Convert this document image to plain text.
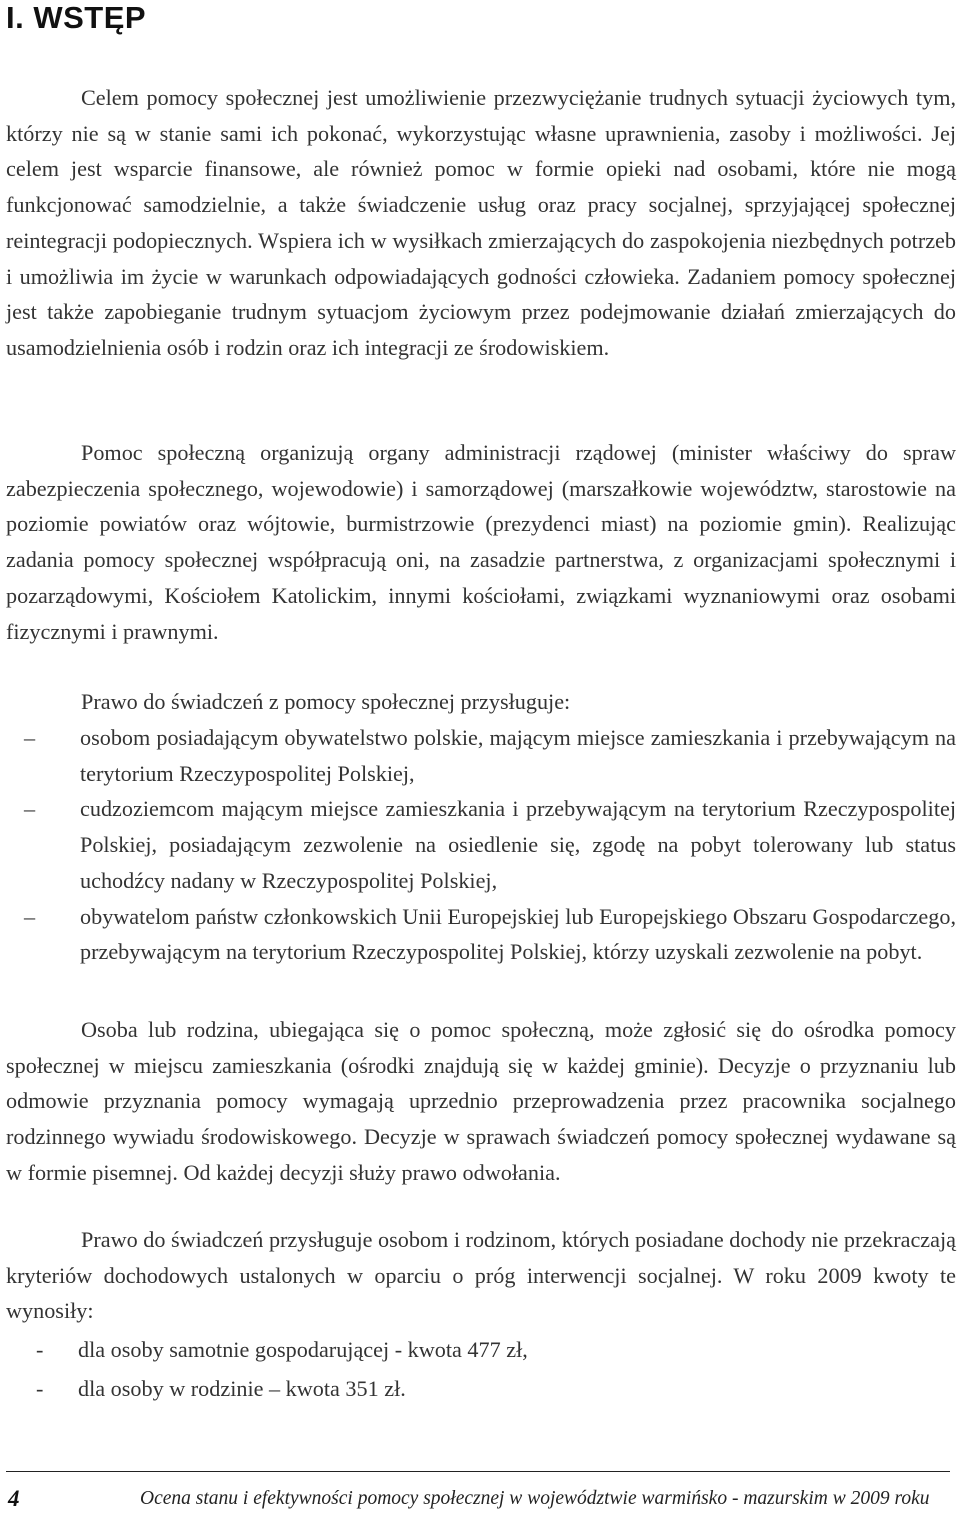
I. WSTĘP
Celem pomocy społecznej jest umożliwienie przezwyciężanie trudnych sytuacji życiowych tym, którzy nie są w stanie sami ich pokonać, wykorzystując własne uprawnienia, zasoby i możliwości. Jej celem jest wsparcie finansowe, ale również pomoc w formie opieki nad osobami, które nie mogą funkcjonować samodzielnie, a także świadczenie usług oraz pracy socjalnej, sprzyjającej społecznej reintegracji podopiecznych. Wspiera ich w wysiłkach zmierzających do zaspokojenia niezbędnych potrzeb i umożliwia im życie w warunkach odpowiadających godności człowieka. Zadaniem pomocy społecznej jest także zapobieganie trudnym sytuacjom życiowym przez podejmowanie działań zmierzających do usamodzielnienia osób i rodzin oraz ich integracji ze środowiskiem.
Pomoc społeczną organizują organy administracji rządowej (minister właściwy do spraw zabezpieczenia społecznego, wojewodowie) i samorządowej (marszałkowie województw, starostowie na poziomie powiatów oraz wójtowie, burmistrzowie (prezydenci miast) na poziomie gmin). Realizując zadania pomocy społecznej współpracują oni, na zasadzie partnerstwa, z organizacjami społecznymi i pozarządowymi, Kościołem Katolickim, innymi kościołami, związkami wyznaniowymi oraz osobami fizycznymi i prawnymi.
Prawo do świadczeń z pomocy społecznej przysługuje:
– osobom posiadającym obywatelstwo polskie, mającym miejsce zamieszkania i przebywającym na terytorium Rzeczypospolitej Polskiej,
– cudzoziemcom mającym miejsce zamieszkania i przebywającym na terytorium Rzeczypospolitej Polskiej, posiadającym zezwolenie na osiedlenie się, zgodę na pobyt tolerowany lub status uchodźcy nadany w Rzeczypospolitej Polskiej,
– obywatelom państw członkowskich Unii Europejskiej lub Europejskiego Obszaru Gospodarczego, przebywającym na terytorium Rzeczypospolitej Polskiej, którzy uzyskali zezwolenie na pobyt.
Osoba lub rodzina, ubiegająca się o pomoc społeczną, może zgłosić się do ośrodka pomocy społecznej w miejscu zamieszkania (ośrodki znajdują się w każdej gminie). Decyzje o przyznaniu lub odmowie przyznania pomocy wymagają uprzednio przeprowadzenia przez pracownika socjalnego rodzinnego wywiadu środowiskowego. Decyzje w sprawach świadczeń pomocy społecznej wydawane są w formie pisemnej. Od każdej decyzji służy prawo odwołania.
Prawo do świadczeń przysługuje osobom i rodzinom, których posiadane dochody nie przekraczają kryteriów dochodowych ustalonych w oparciu o próg interwencji socjalnej. W roku 2009 kwoty te wynosiły:
- dla osoby samotnie gospodarującej - kwota 477 zł,
- dla osoby w rodzinie – kwota 351 zł.
4	Ocena stanu i efektywności pomocy społecznej w województwie warmińsko - mazurskim w 2009 roku
